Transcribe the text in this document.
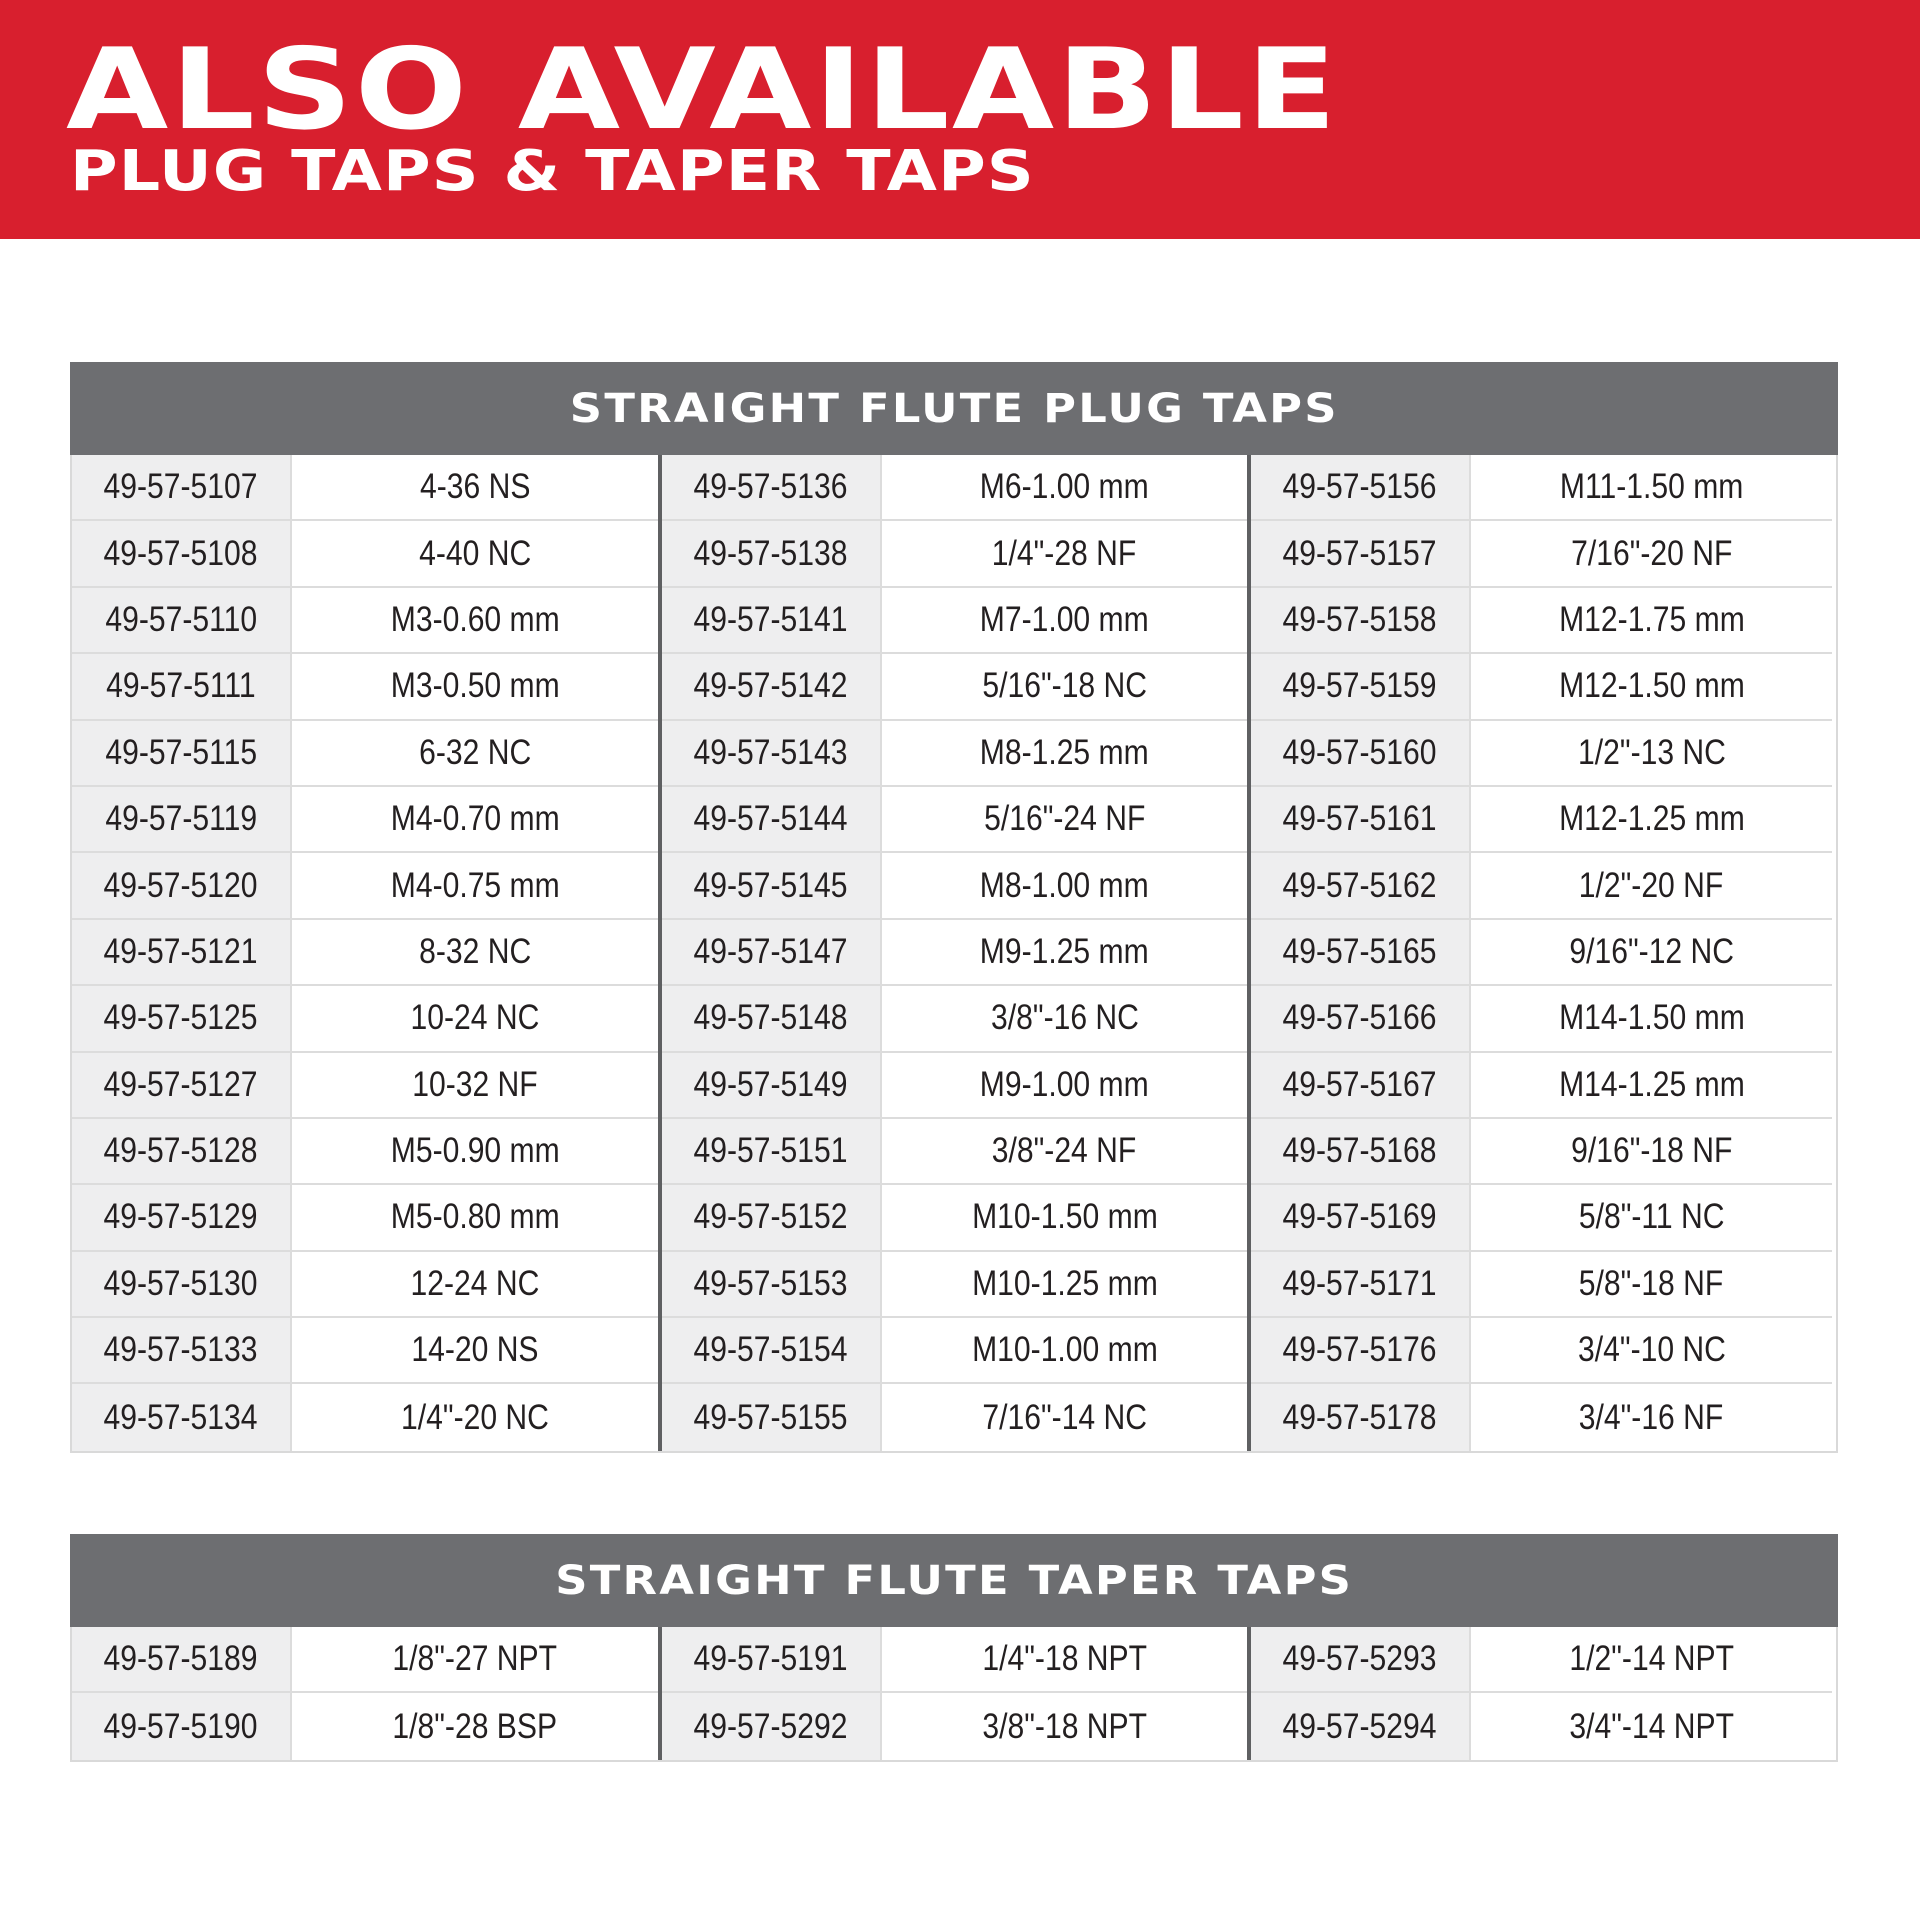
ALSO AVAILABLE
PLUG TAPS & TAPER TAPS
STRAIGHT FLUTE PLUG TAPS
49-57-5107	4-36 NS
49-57-5108	4-40 NC
49-57-5110	M3-0.60 mm
49-57-5111	M3-0.50 mm
49-57-5115	6-32 NC
49-57-5119	M4-0.70 mm
49-57-5120	M4-0.75 mm
49-57-5121	8-32 NC
49-57-5125	10-24 NC
49-57-5127	10-32 NF
49-57-5128	M5-0.90 mm
49-57-5129	M5-0.80 mm
49-57-5130	12-24 NC
49-57-5133	14-20 NS
49-57-5134	1/4"-20 NC
49-57-5136	M6-1.00 mm
49-57-5138	1/4"-28 NF
49-57-5141	M7-1.00 mm
49-57-5142	5/16"-18 NC
49-57-5143	M8-1.25 mm
49-57-5144	5/16"-24 NF
49-57-5145	M8-1.00 mm
49-57-5147	M9-1.25 mm
49-57-5148	3/8"-16 NC
49-57-5149	M9-1.00 mm
49-57-5151	3/8"-24 NF
49-57-5152	M10-1.50 mm
49-57-5153	M10-1.25 mm
49-57-5154	M10-1.00 mm
49-57-5155	7/16"-14 NC
49-57-5156	M11-1.50 mm
49-57-5157	7/16"-20 NF
49-57-5158	M12-1.75 mm
49-57-5159	M12-1.50 mm
49-57-5160	1/2"-13 NC
49-57-5161	M12-1.25 mm
49-57-5162	1/2"-20 NF
49-57-5165	9/16"-12 NC
49-57-5166	M14-1.50 mm
49-57-5167	M14-1.25 mm
49-57-5168	9/16"-18 NF
49-57-5169	5/8"-11 NC
49-57-5171	5/8"-18 NF
49-57-5176	3/4"-10 NC
49-57-5178	3/4"-16 NF
STRAIGHT FLUTE TAPER TAPS
49-57-5189	1/8"-27 NPT
49-57-5190	1/8"-28 BSP
49-57-5191	1/4"-18 NPT
49-57-5292	3/8"-18 NPT
49-57-5293	1/2"-14 NPT
49-57-5294	3/4"-14 NPT
